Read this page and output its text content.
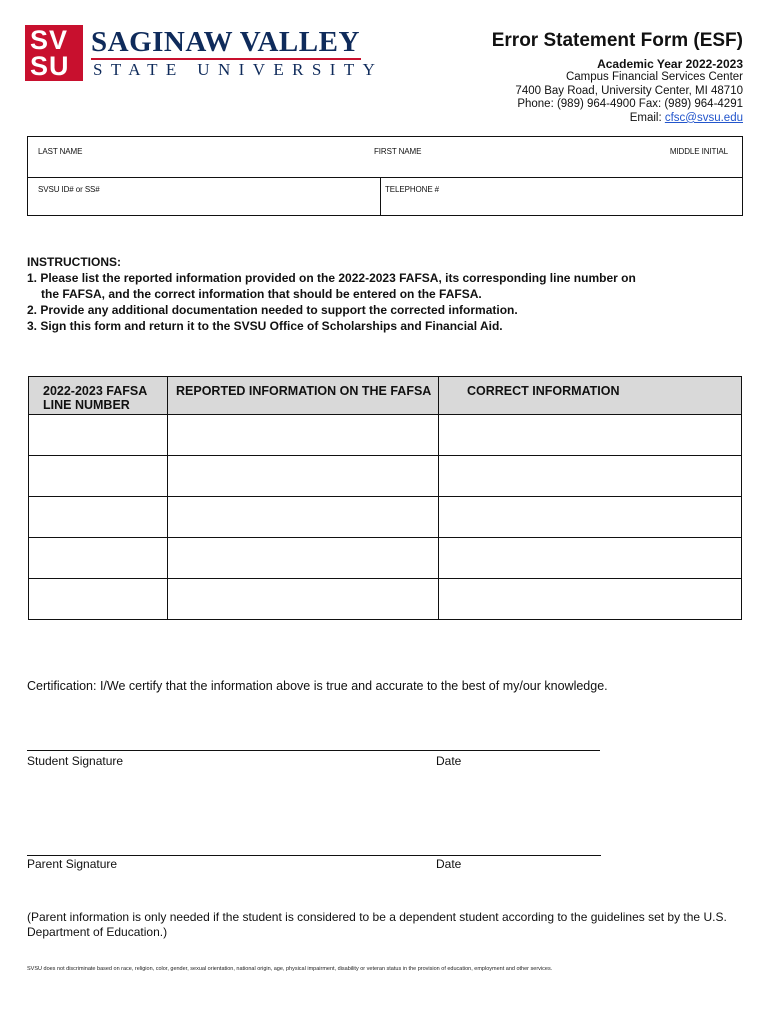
SV
SU
SAGINAW VALLEY
STATE UNIVERSITY
Error Statement Form (ESF)
Academic Year 2022-2023
Campus Financial Services Center
7400 Bay Road, University Center, MI 48710
Phone: (989) 964-4900 Fax: (989) 964-4291
Email: cfsc@svsu.edu
LAST NAME	FIRST NAME	MIDDLE INITIAL
SVSU ID# or SS#	TELEPHONE #
INSTRUCTIONS:
1. Please list the reported information provided on the 2022-2023 FAFSA, its corresponding line number on
the FAFSA, and the correct information that should be entered on the FAFSA.
2. Provide any additional documentation needed to support the corrected information.
3. Sign this form and return it to the SVSU Office of Scholarships and Financial Aid.
2022-2023 FAFSA
LINE NUMBER	REPORTED INFORMATION ON THE FAFSA	CORRECT INFORMATION

Certification: I/We certify that the information above is true and accurate to the best of my/our knowledge.
Student Signature	Date
Parent Signature	Date
(Parent information is only needed if the student is considered to be a dependent student according to the guidelines set by the U.S. Department of Education.)
SVSU does not discriminate based on race, religion, color, gender, sexual orientation, national origin, age, physical impairment, disability or veteran status in the provision of education, employment and other services.
